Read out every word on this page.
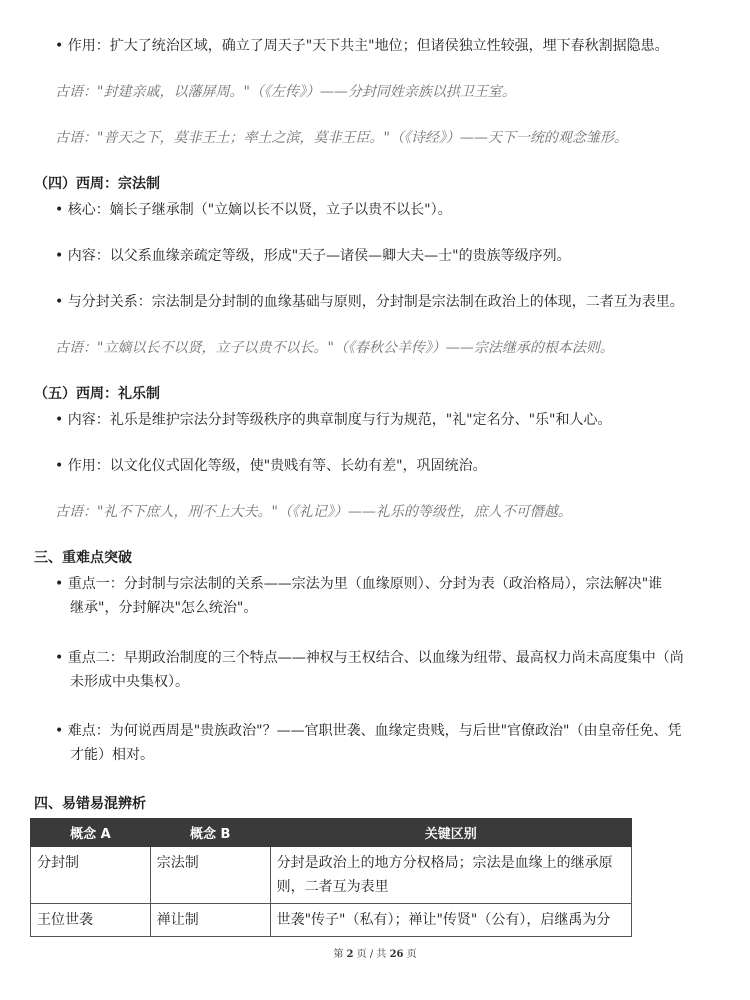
• 作用：扩大了统治区域，确立了周天子"天下共主"地位；但诸侯独立性较强，埋下春秋割据隐患。
古语："封建亲戚，以藩屏周。"（《左传》）——分封同姓亲族以拱卫王室。
古语："普天之下，莫非王土；率土之滨，莫非王臣。"（《诗经》）——天下一统的观念雏形。
（四）西周：宗法制
• 核心：嫡长子继承制（"立嫡以长不以贤，立子以贵不以长"）。
• 内容：以父系血缘亲疏定等级，形成"天子—诸侯—卿大夫—士"的贵族等级序列。
• 与分封关系：宗法制是分封制的血缘基础与原则，分封制是宗法制在政治上的体现，二者互为表里。
古语："立嫡以长不以贤，立子以贵不以长。"（《春秋公羊传》）——宗法继承的根本法则。
（五）西周：礼乐制
• 内容：礼乐是维护宗法分封等级秩序的典章制度与行为规范，"礼"定名分、"乐"和人心。
• 作用：以文化仪式固化等级，使"贵贱有等、长幼有差"，巩固统治。
古语："礼不下庶人，刑不上大夫。"（《礼记》）——礼乐的等级性，庶人不可僭越。
三、重难点突破
• 重点一：分封制与宗法制的关系——宗法为里（血缘原则）、分封为表（政治格局），宗法解决"谁
继承"，分封解决"怎么统治"。
• 重点二：早期政治制度的三个特点——神权与王权结合、以血缘为纽带、最高权力尚未高度集中（尚
未形成中央集权）。
• 难点：为何说西周是"贵族政治"？——官职世袭、血缘定贵贱，与后世"官僚政治"（由皇帝任免、凭
才能）相对。
四、易错易混辨析
概念 A	概念 B	关键区别
分封制	宗法制	分封是政治上的地方分权格局；宗法是血缘上的继承原
则，二者互为表里

王位世袭	禅让制	世袭"传子"（私有）；禅让"传贤"（公有），启继禹为分
第 2 页 / 共 26 页
